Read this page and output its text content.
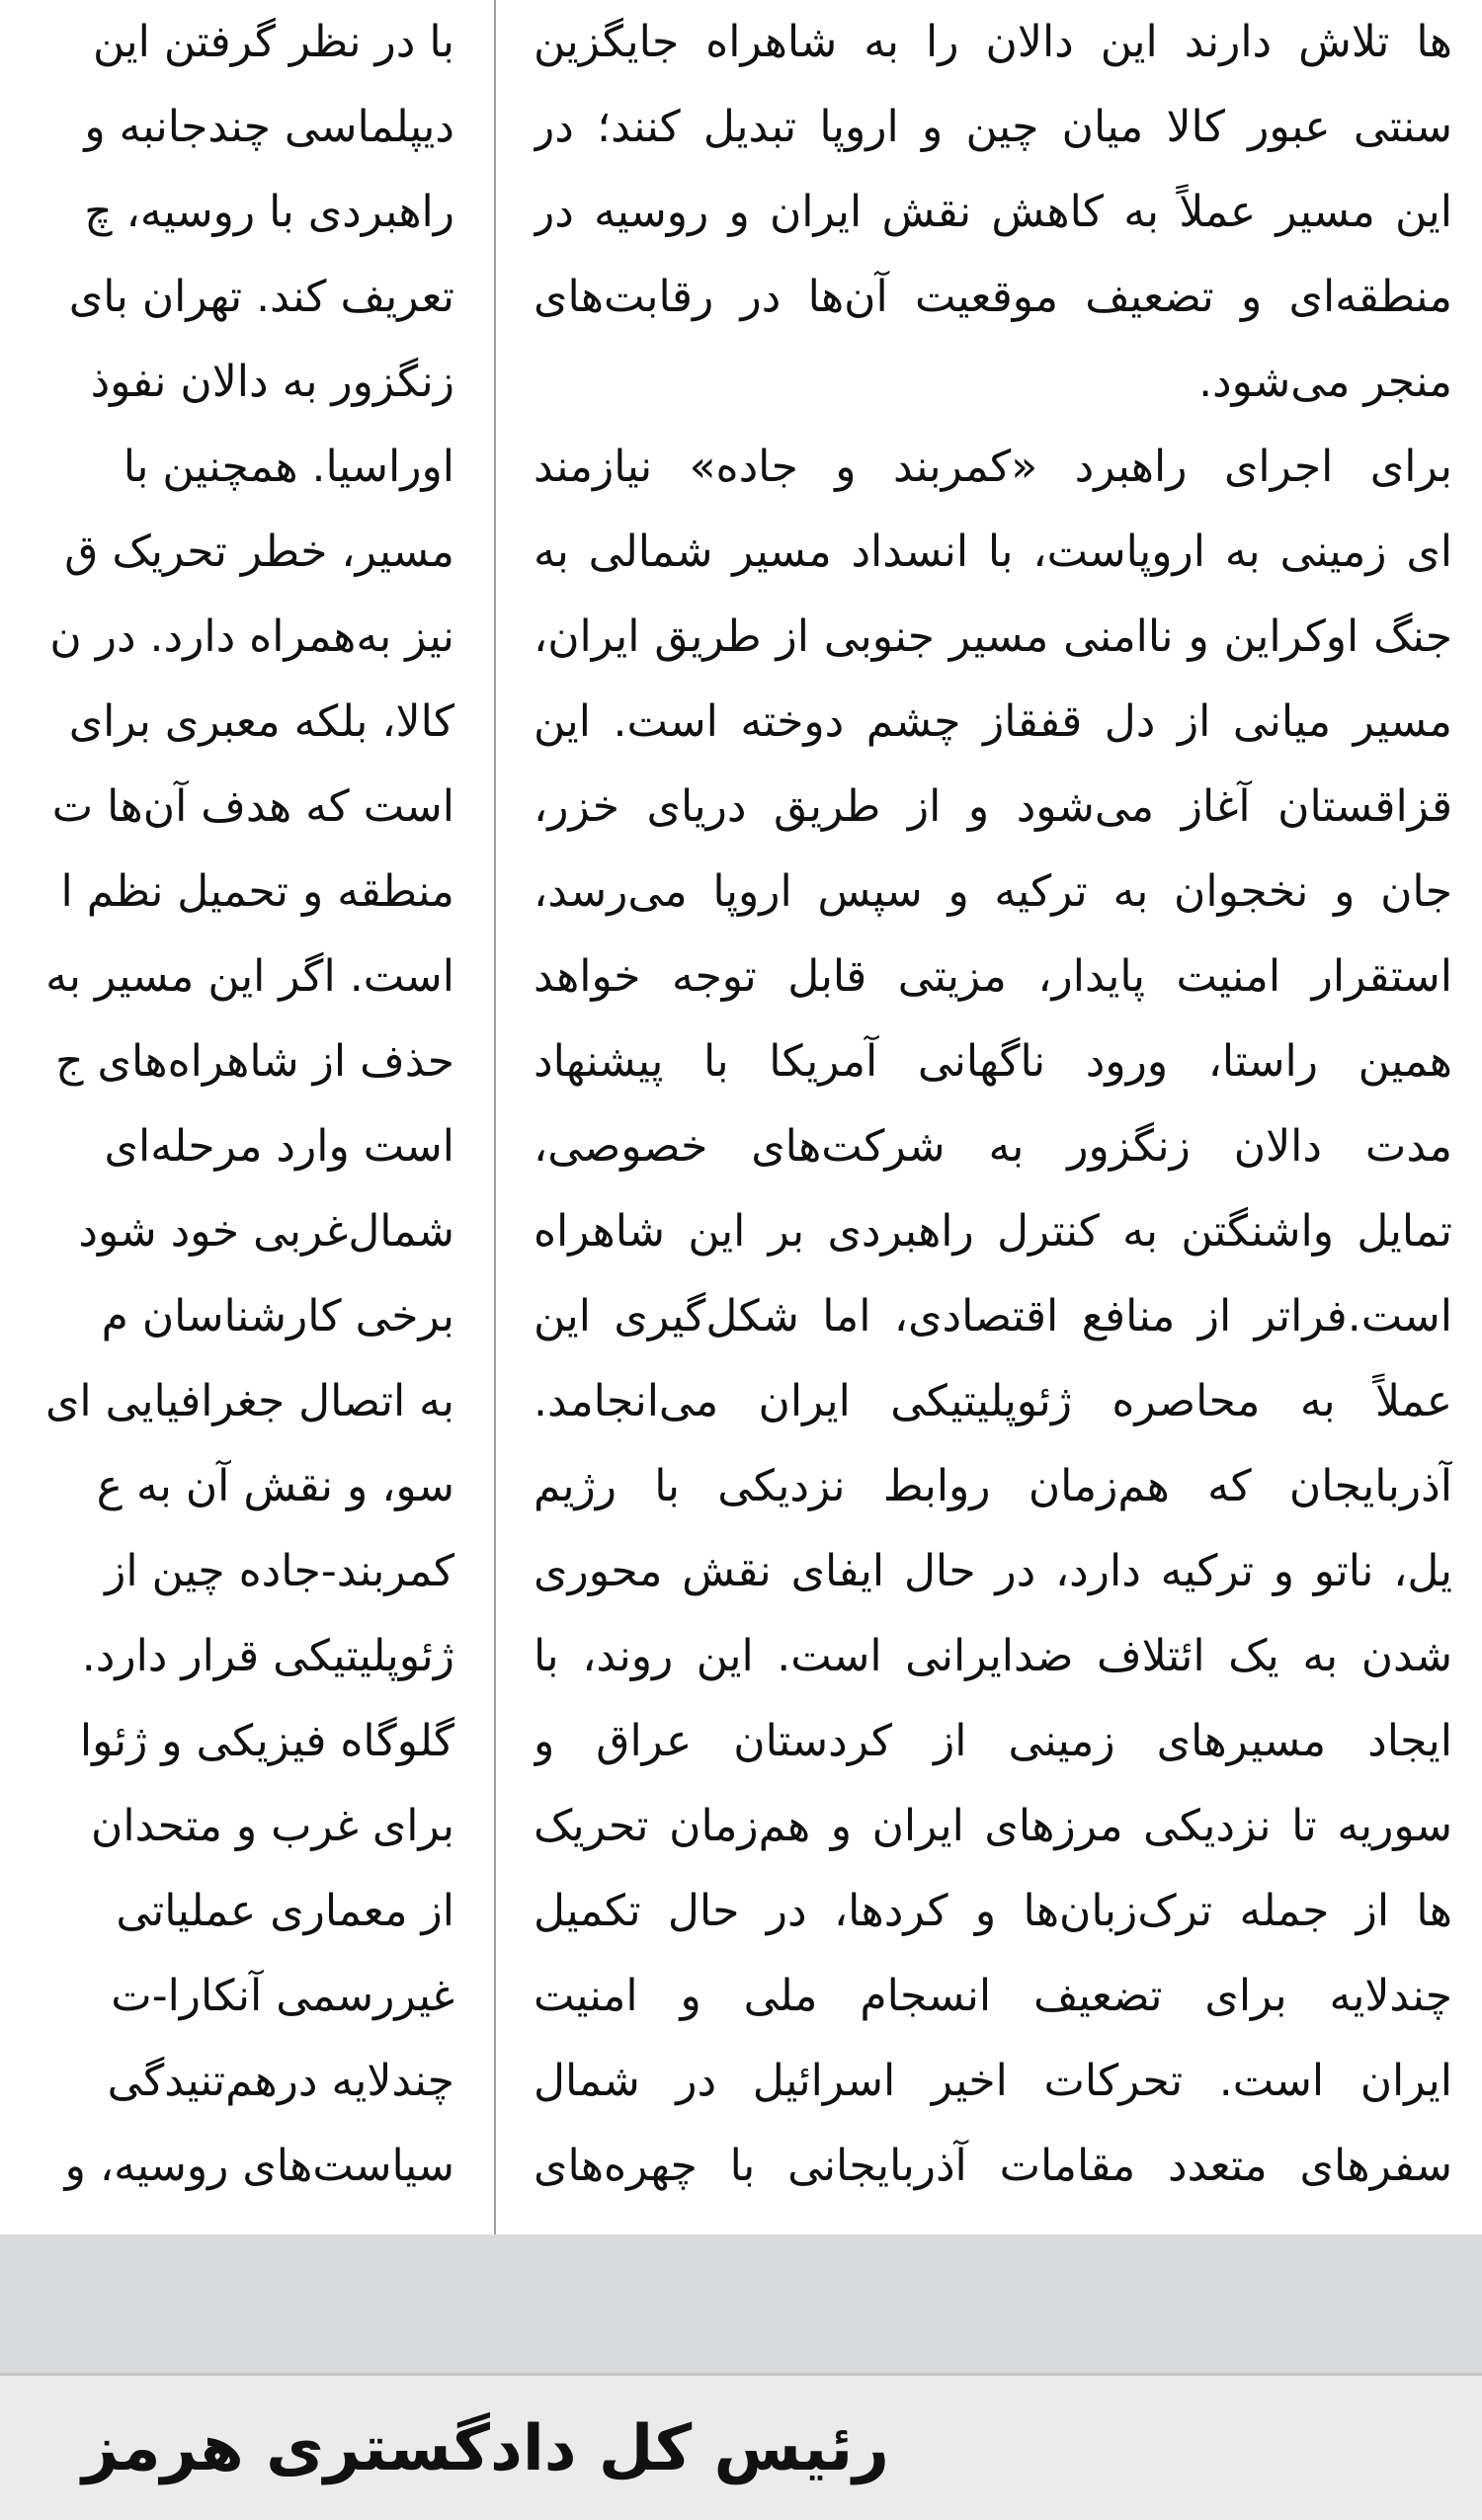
ها تلاش دارند این دالان را به شاهراه جایگزین
سنتی عبور کالا میان چین و اروپا تبدیل کنند؛ در
این مسیر عملاً به کاهش نقش ایران و روسیه در
منطقه‌ای و تضعیف موقعیت آن‌ها در رقابت‌های
منجر می‌شود.
برای اجرای راهبرد «کمربند و جاده» نیازمند
ای زمینی به اروپاست، با انسداد مسیر شمالی به
جنگ اوکراین و ناامنی مسیر جنوبی از طریق ایران،
مسیر میانی از دل قفقاز چشم دوخته است. این
قزاقستان آغاز می‌شود و از طریق دریای خزر،
جان و نخجوان به ترکیه و سپس اروپا می‌رسد،
استقرار امنیت پایدار، مزیتی قابل توجه خواهد
همین راستا، ورود ناگهانی آمریکا با پیشنهاد
مدت دالان زنگزور به شرکت‌های خصوصی،
تمایل واشنگتن به کنترل راهبردی بر این شاهراه
است.فراتر از منافع اقتصادی، اما شکل‌گیری این
عملاً به محاصره ژئوپلیتیکی ایران می‌انجامد.
آذربایجان که هم‌زمان روابط نزدیکی با رژیم
یل، ناتو و ترکیه دارد، در حال ایفای نقش محوری
شدن به یک ائتلاف ضدایرانی است. این روند، با
ایجاد مسیرهای زمینی از کردستان عراق و
سوریه تا نزدیکی مرزهای ایران و هم‌زمان تحریک
ها از جمله ترک‌زبان‌ها و کردها، در حال تکمیل
چندلایه برای تضعیف انسجام ملی و امنیت
ایران است. تحرکات اخیر اسرائیل در شمال
سفرهای متعدد مقامات آذربایجانی با چهره‌های
با در نظر گرفتن این
دیپلماسی چندجانبه و
راهبردی با روسیه، چ
تعریف کند. تهران بای
زنگزور به دالان نفوذ
اوراسیا. همچنین با
مسیر، خطر تحریک ق
نیز به‌همراه دارد. در ن
کالا، بلکه معبری برای
است که هدف آن‌ها ت
منطقه و تحمیل نظم ا
است. اگر این مسیر به
حذف از شاهراه‌های ج
است وارد مرحله‌ای
شمال‌غربی خود شود
برخی کارشناسان م
به اتصال جغرافیایی ای
سو، و نقش آن به ع
کمربند-جاده چین از
ژئوپلیتیکی قرار دارد.
گلوگاه فیزیکی و ژئوا
برای غرب و متحدان
از معماری عملیاتی
غیررسمی آنکارا-ت
چندلایه درهم‌تنیدگی
سیاست‌های روسیه، و
رئیس کل دادگستری هرمز
